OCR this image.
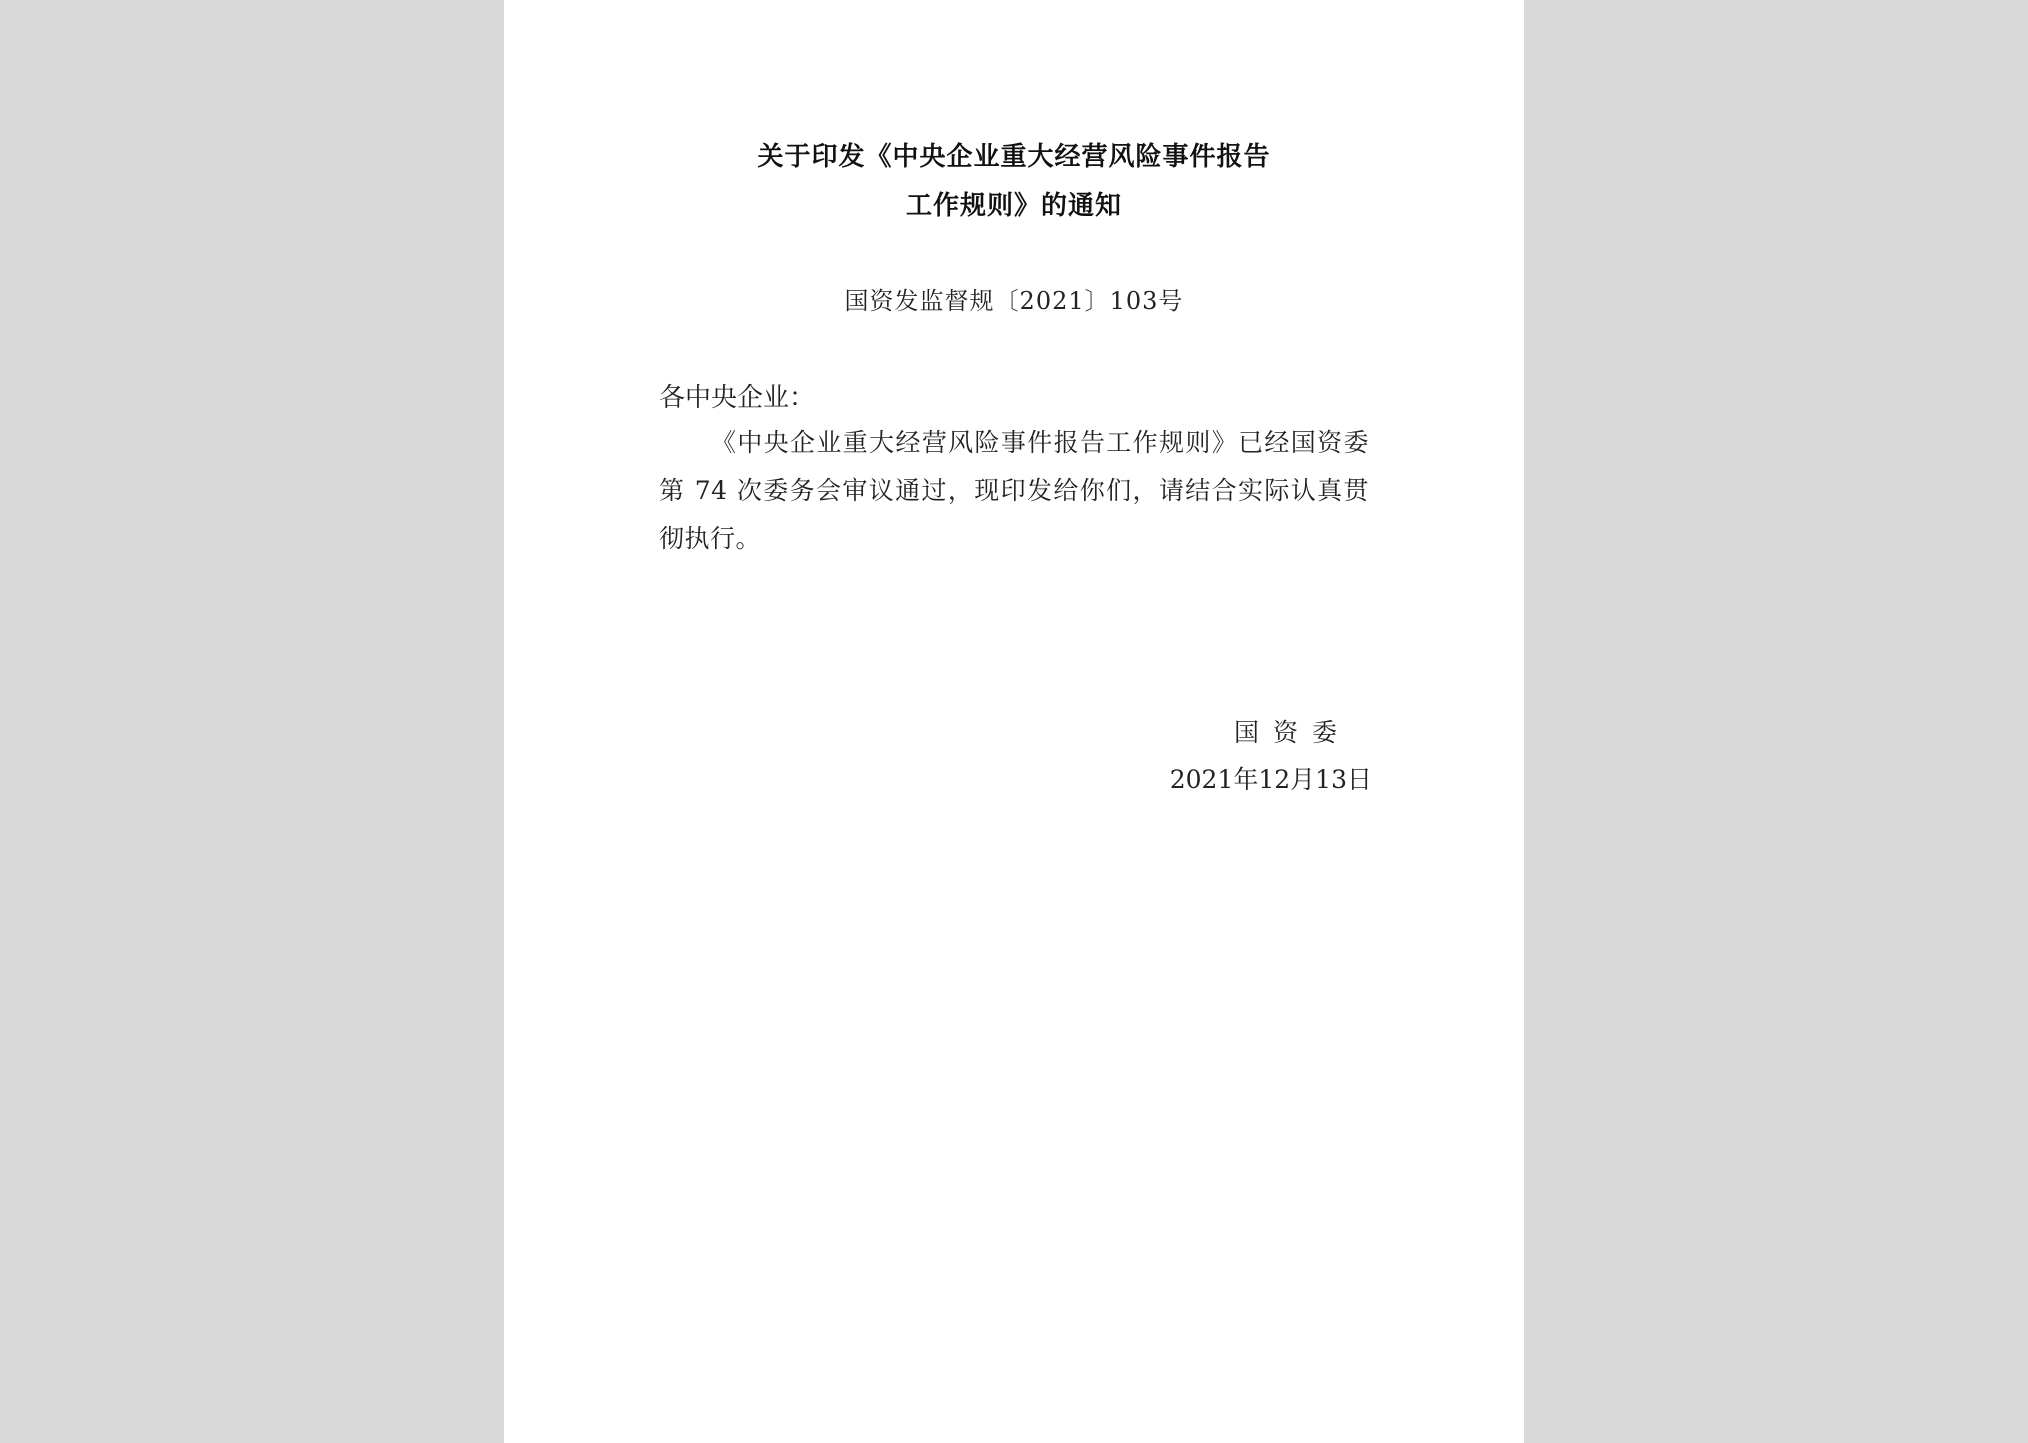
关于印发《中央企业重大经营风险事件报告
工作规则》的通知
国资发监督规〔2021〕103号
各中央企业：
《中央企业重大经营风险事件报告工作规则》已经国资委第 74 次委务会审议通过，现印发给你们，请结合实际认真贯彻执行。
国资委
2021年12月13日
